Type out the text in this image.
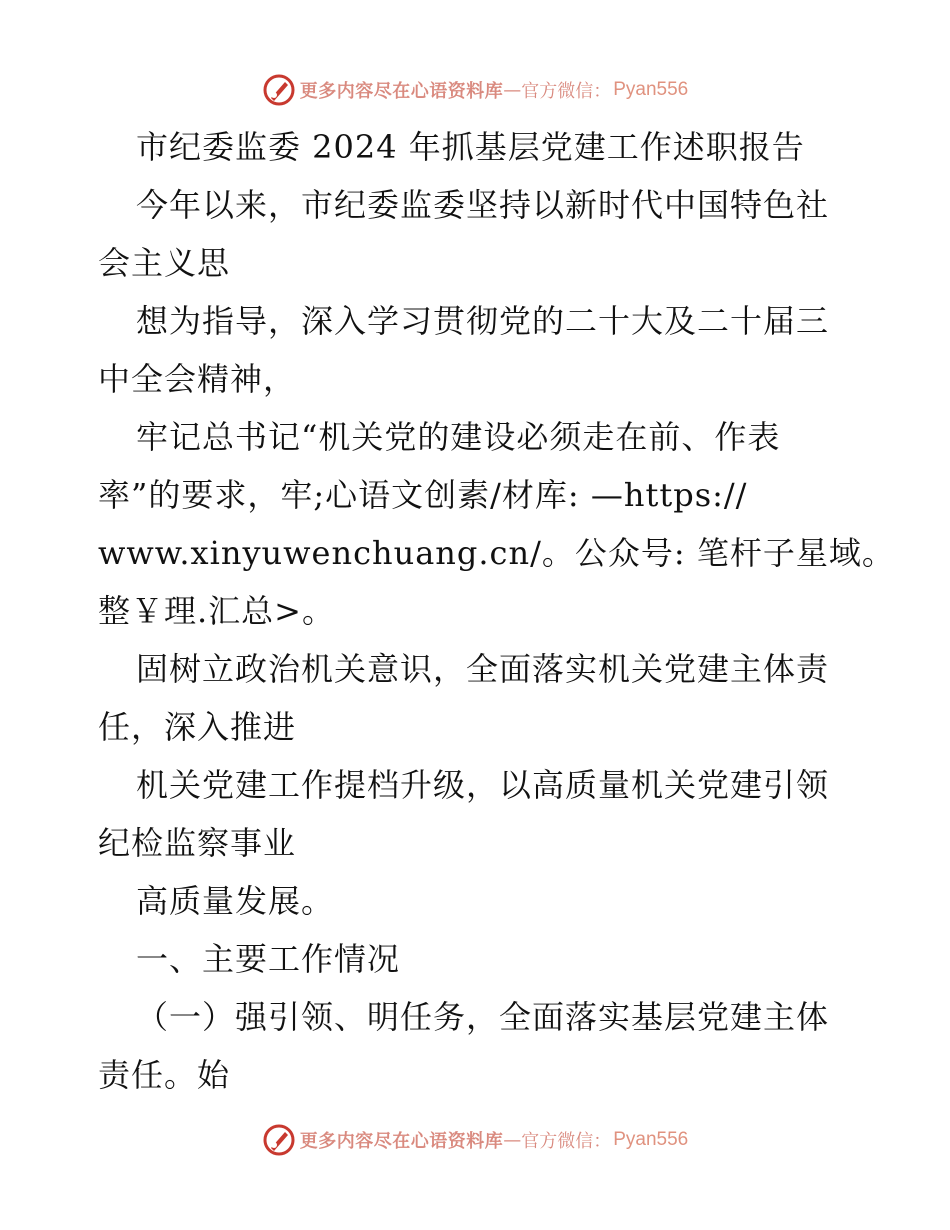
更多内容尽在心语资料库 — 官方微信： Pyan556
市纪委监委 2024 年抓基层党建工作述职报告
今年以来，市纪委监委坚持以新时代中国特色社
会主义思
想为指导，深入学习贯彻党的二十大及二十届三
中全会精神，
牢记总书记“机关党的建设必须走在前、作表
率”的要求，牢;心语文创素/材库: —https://
www.xinyuwenchuang.cn/。公众号: 笔杆子星域。
整￥理.汇总>。
固树立政治机关意识，全面落实机关党建主体责
任，深入推进
机关党建工作提档升级，以高质量机关党建引领
纪检监察事业
高质量发展。
一、主要工作情况
（一）强引领、明任务，全面落实基层党建主体
责任。始
更多内容尽在心语资料库 — 官方微信： Pyan556
